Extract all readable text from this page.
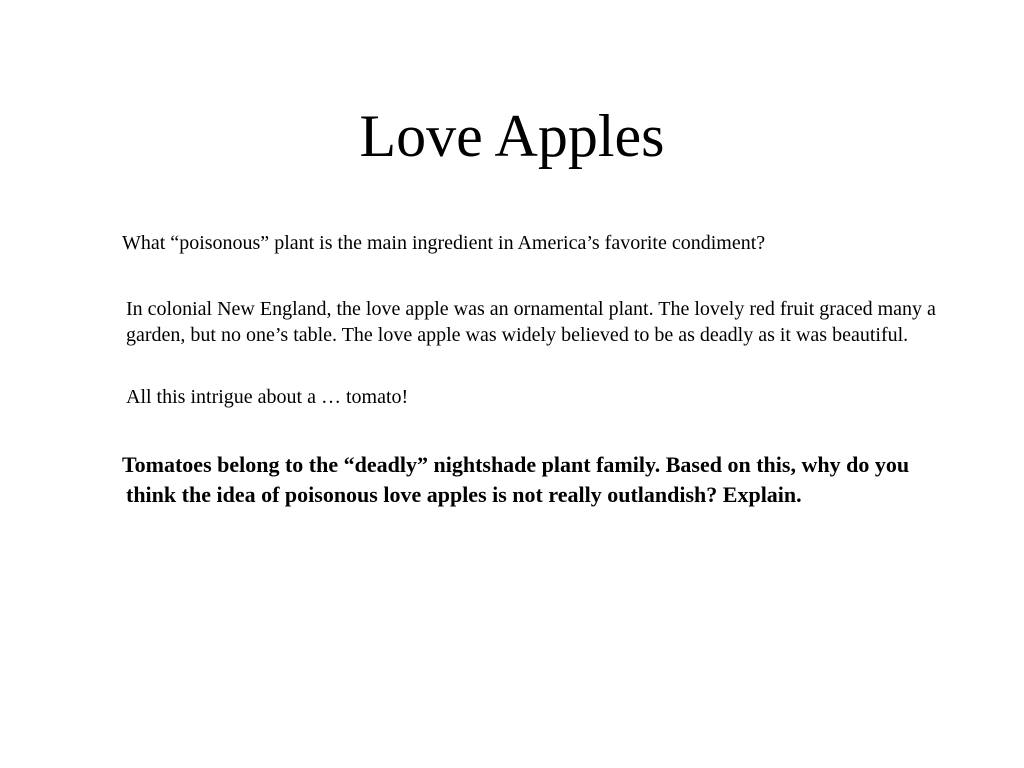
Love Apples

What “poisonous” plant is the main ingredient in America’s favorite condiment?

In colonial New England, the love apple was an ornamental plant. The lovely red fruit graced many a garden, but no one’s table. The love apple was widely believed to be as deadly as it was beautiful.

All this intrigue about a … tomato!

Tomatoes belong to the “deadly” nightshade plant family. Based on this, why do you think the idea of poisonous love apples is not really outlandish? Explain.
